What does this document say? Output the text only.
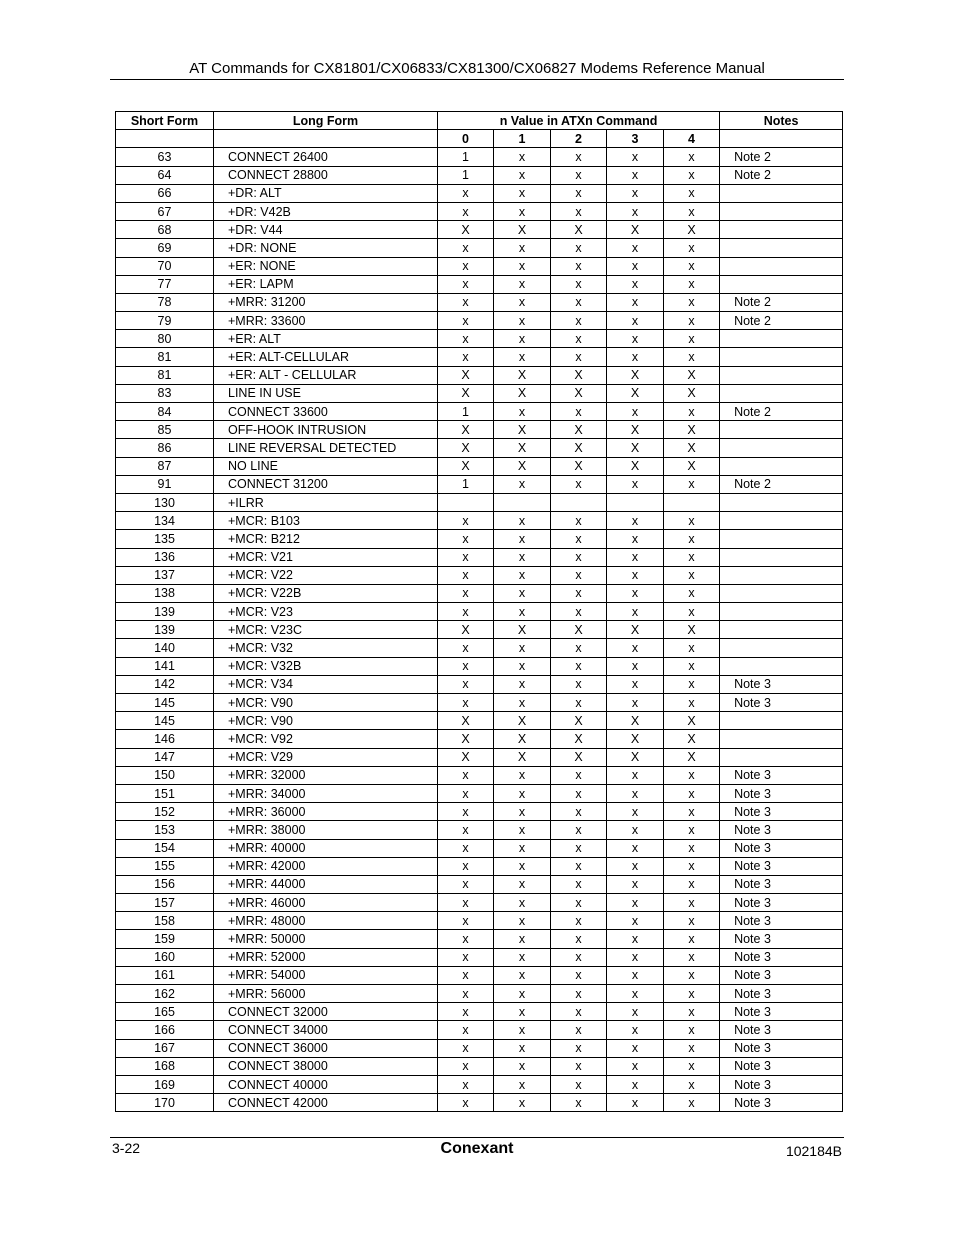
AT Commands for CX81801/CX06833/CX81300/CX06827 Modems Reference Manual
Short Form	Long Form	n Value in ATXn Command					Notes
		0	1	2	3	4	
63	CONNECT 26400	1	x	x	x	x	Note 2
64	CONNECT 28800	1	x	x	x	x	Note 2
66	+DR: ALT	x	x	x	x	x	
67	+DR: V42B	x	x	x	x	x	
68	+DR: V44	X	X	X	X	X	
69	+DR: NONE	x	x	x	x	x	
70	+ER: NONE	x	x	x	x	x	
77	+ER: LAPM	x	x	x	x	x	
78	+MRR: 31200	x	x	x	x	x	Note 2
79	+MRR: 33600	x	x	x	x	x	Note 2
80	+ER: ALT	x	x	x	x	x	
81	+ER: ALT-CELLULAR	x	x	x	x	x	
81	+ER: ALT - CELLULAR	X	X	X	X	X	
83	LINE IN USE	X	X	X	X	X	
84	CONNECT 33600	1	x	x	x	x	Note 2
85	OFF-HOOK INTRUSION	X	X	X	X	X	
86	LINE REVERSAL DETECTED	X	X	X	X	X	
87	NO LINE	X	X	X	X	X	
91	CONNECT 31200	1	x	x	x	x	Note 2
130	+ILRR						
134	+MCR: B103	x	x	x	x	x	
135	+MCR: B212	x	x	x	x	x	
136	+MCR: V21	x	x	x	x	x	
137	+MCR: V22	x	x	x	x	x	
138	+MCR: V22B	x	x	x	x	x	
139	+MCR: V23	x	x	x	x	x	
139	+MCR: V23C	X	X	X	X	X	
140	+MCR: V32	x	x	x	x	x	
141	+MCR: V32B	x	x	x	x	x	
142	+MCR: V34	x	x	x	x	x	Note 3
145	+MCR: V90	x	x	x	x	x	Note 3
145	+MCR: V90	X	X	X	X	X	
146	+MCR: V92	X	X	X	X	X	
147	+MCR: V29	X	X	X	X	X	
150	+MRR: 32000	x	x	x	x	x	Note 3
151	+MRR: 34000	x	x	x	x	x	Note 3
152	+MRR: 36000	x	x	x	x	x	Note 3
153	+MRR: 38000	x	x	x	x	x	Note 3
154	+MRR: 40000	x	x	x	x	x	Note 3
155	+MRR: 42000	x	x	x	x	x	Note 3
156	+MRR: 44000	x	x	x	x	x	Note 3
157	+MRR: 46000	x	x	x	x	x	Note 3
158	+MRR: 48000	x	x	x	x	x	Note 3
159	+MRR: 50000	x	x	x	x	x	Note 3
160	+MRR: 52000	x	x	x	x	x	Note 3
161	+MRR: 54000	x	x	x	x	x	Note 3
162	+MRR: 56000	x	x	x	x	x	Note 3
165	CONNECT 32000	x	x	x	x	x	Note 3
166	CONNECT 34000	x	x	x	x	x	Note 3
167	CONNECT 36000	x	x	x	x	x	Note 3
168	CONNECT 38000	x	x	x	x	x	Note 3
169	CONNECT 40000	x	x	x	x	x	Note 3
170	CONNECT 42000	x	x	x	x	x	Note 3
3-22	Conexant	102184B
